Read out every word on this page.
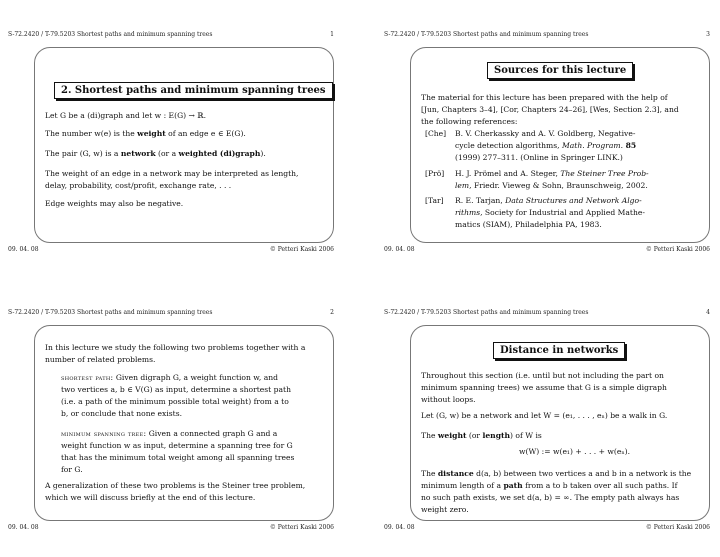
S-72.2420 / T-79.5203 Shortest paths and minimum spanning trees	1
2. Shortest paths and minimum spanning trees
Let G be a (di)graph and let w : E(G) → ℝ.
The number w(e) is the weight of an edge e ∈ E(G).
The pair (G, w) is a network (or a weighted (di)graph).
The weight of an edge in a network may be interpreted as length,
delay, probability, cost/profit, exchange rate, . . .
Edge weights may also be negative.
09. 04. 08	© Petteri Kaski 2006
S-72.2420 / T-79.5203 Shortest paths and minimum spanning trees	3
Sources for this lecture
The material for this lecture has been prepared with the help of
[Jun, Chapters 3–4], [Cor, Chapters 24–26], [Wes, Section 2.3], and
the following references:
[Che]	B. V. Cherkassky and A. V. Goldberg, Negative-
cycle detection algorithms, Math. Program. 85
(1999) 277–311. (Online in Springer LINK.)
[Prö]	H. J. Prömel and A. Steger, The Steiner Tree Prob-
lem, Friedr. Vieweg & Sohn, Braunschweig, 2002.
[Tar]	R. E. Tarjan, Data Structures and Network Algo-
rithms, Society for Industrial and Applied Mathe-
matics (SIAM), Philadelphia PA, 1983.
09. 04. 08	© Petteri Kaski 2006
S-72.2420 / T-79.5203 Shortest paths and minimum spanning trees	2
In this lecture we study the following two problems together with a
number of related problems.
shortest path: Given digraph G, a weight function w, and
two vertices a, b ∈ V(G) as input, determine a shortest path
(i.e. a path of the minimum possible total weight) from a to
b, or conclude that none exists.
minimum spanning tree: Given a connected graph G and a
weight function w as input, determine a spanning tree for G
that has the minimum total weight among all spanning trees
for G.
A generalization of these two problems is the Steiner tree problem,
which we will discuss briefly at the end of this lecture.
09. 04. 08	© Petteri Kaski 2006
S-72.2420 / T-79.5203 Shortest paths and minimum spanning trees	4
Distance in networks
Throughout this section (i.e. until but not including the part on
minimum spanning trees) we assume that G is a simple digraph
without loops.
Let (G, w) be a network and let W = (e₁, . . . , eₙ) be a walk in G.
The weight (or length) of W is
w(W) := w(e₁) + . . . + w(eₙ).
The distance d(a, b) between two vertices a and b in a network is the
minimum length of a path from a to b taken over all such paths. If
no such path exists, we set d(a, b) = ∞. The empty path always has
weight zero.
09. 04. 08	© Petteri Kaski 2006
